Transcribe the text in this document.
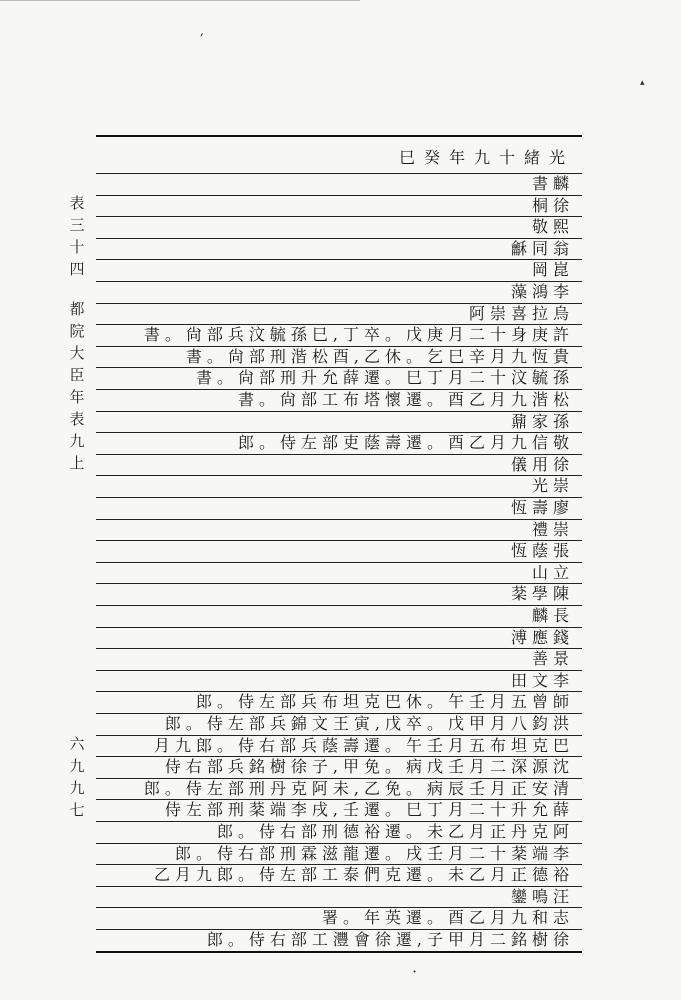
′
▴
·
表
三
十
四
都
院
大
臣
年
表
九
上
六
九
九
七
巳癸年九十緒光
書麟
桐徐
敬熙
龢同翁
岡崑
藻鴻李
阿崇喜拉烏
書。尙部兵汶毓孫巳,丁卒。戊庚月二十身庚許
書。尙部刑湝松酉,乙休。乞巳辛月九恆貴
書。尙部刑升允薛遷。巳丁月二十汶毓孫
書。尙部工布塔懷遷。酉乙月九湝松
鼐家孫
郎。侍左部吏蔭壽遷。酉乙月九信敬
儀用徐
光崇
恆壽廖
禮崇
恆蔭張
山立
棻學陳
麟長
溥應錢
善景
田文李
郎。侍左部兵布坦克巴休。午壬月五曾師
郎。侍左部兵錦文王寅,戊卒。戊甲月八鈞洪
月九郎。侍右部兵蔭壽遷。午壬月五布坦克巴
侍右部兵銘樹徐子,甲免。病戊壬月二深源沈
郎。侍左部刑丹克阿未,乙免。病辰壬月正安清
侍左部刑棻端李戌,壬遷。巳丁月二十升允薛
郎。侍右部刑德裕遷。未乙月正丹克阿
郎。侍右部刑霖滋龍遷。戌壬月二十棻端李
乙月九郎。侍左部工泰們克遷。未乙月正德裕
鑾鳴汪
署。年英遷。酉乙月九和志
郎。侍右部工灃會徐遷,子甲月二銘樹徐
